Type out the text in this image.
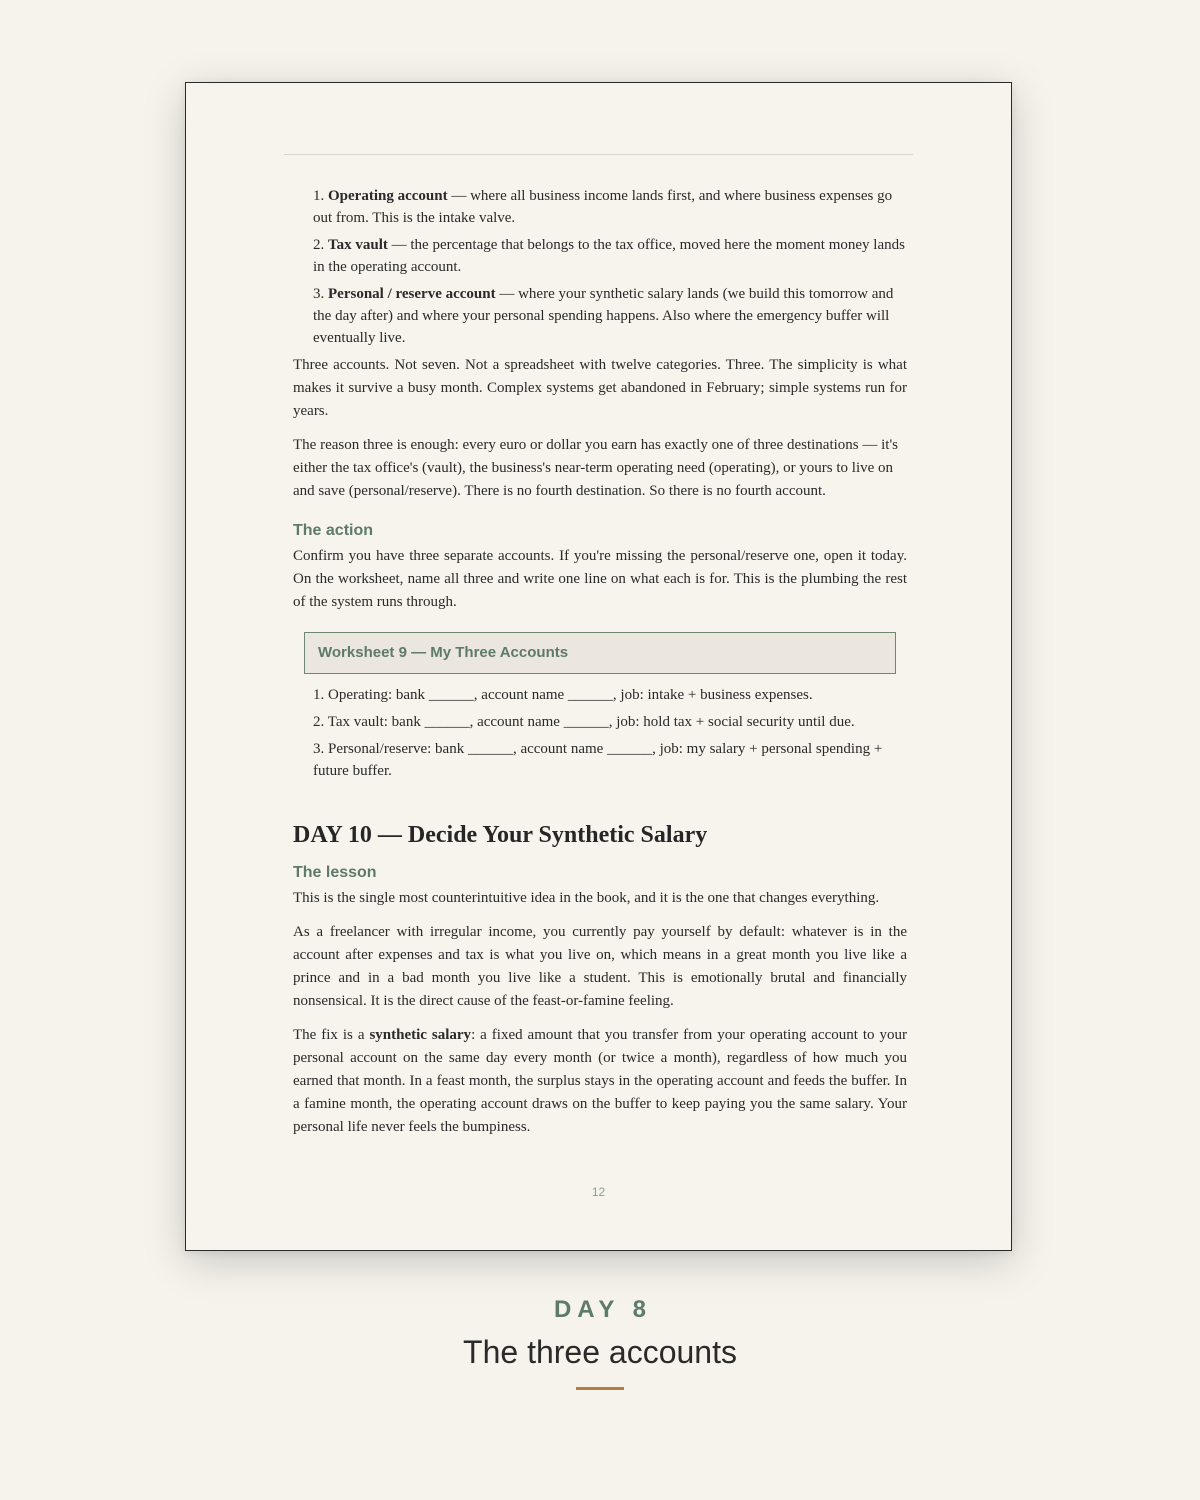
1. Operating account — where all business income lands first, and where business expenses go out from. This is the intake valve.
2. Tax vault — the percentage that belongs to the tax office, moved here the moment money lands in the operating account.
3. Personal / reserve account — where your synthetic salary lands (we build this tomorrow and the day after) and where your personal spending happens. Also where the emergency buffer will eventually live.

Three accounts. Not seven. Not a spreadsheet with twelve categories. Three. The simplicity is what makes it survive a busy month. Complex systems get abandoned in February; simple systems run for years.

The reason three is enough: every euro or dollar you earn has exactly one of three destinations — it's either the tax office's (vault), the business's near-term operating need (operating), or yours to live on and save (personal/reserve). There is no fourth destination. So there is no fourth account.

The action

Confirm you have three separate accounts. If you're missing the personal/reserve one, open it today. On the worksheet, name all three and write one line on what each is for. This is the plumbing the rest of the system runs through.

Worksheet 9 — My Three Accounts
1. Operating: bank ______, account name ______, job: intake + business expenses.
2. Tax vault: bank ______, account name ______, job: hold tax + social security until due.
3. Personal/reserve: bank ______, account name ______, job: my salary + personal spending + future buffer.
DAY 10 — Decide Your Synthetic Salary
The lesson

This is the single most counterintuitive idea in the book, and it is the one that changes everything.

As a freelancer with irregular income, you currently pay yourself by default: whatever is in the account after expenses and tax is what you live on, which means in a great month you live like a prince and in a bad month you live like a student. This is emotionally brutal and financially nonsensical. It is the direct cause of the feast-or-famine feeling.

The fix is a synthetic salary: a fixed amount that you transfer from your operating account to your personal account on the same day every month (or twice a month), regardless of how much you earned that month. In a feast month, the surplus stays in the operating account and feeds the buffer. In a famine month, the operating account draws on the buffer to keep paying you the same salary. Your personal life never feels the bumpiness.

12
DAY 8
The three accounts
